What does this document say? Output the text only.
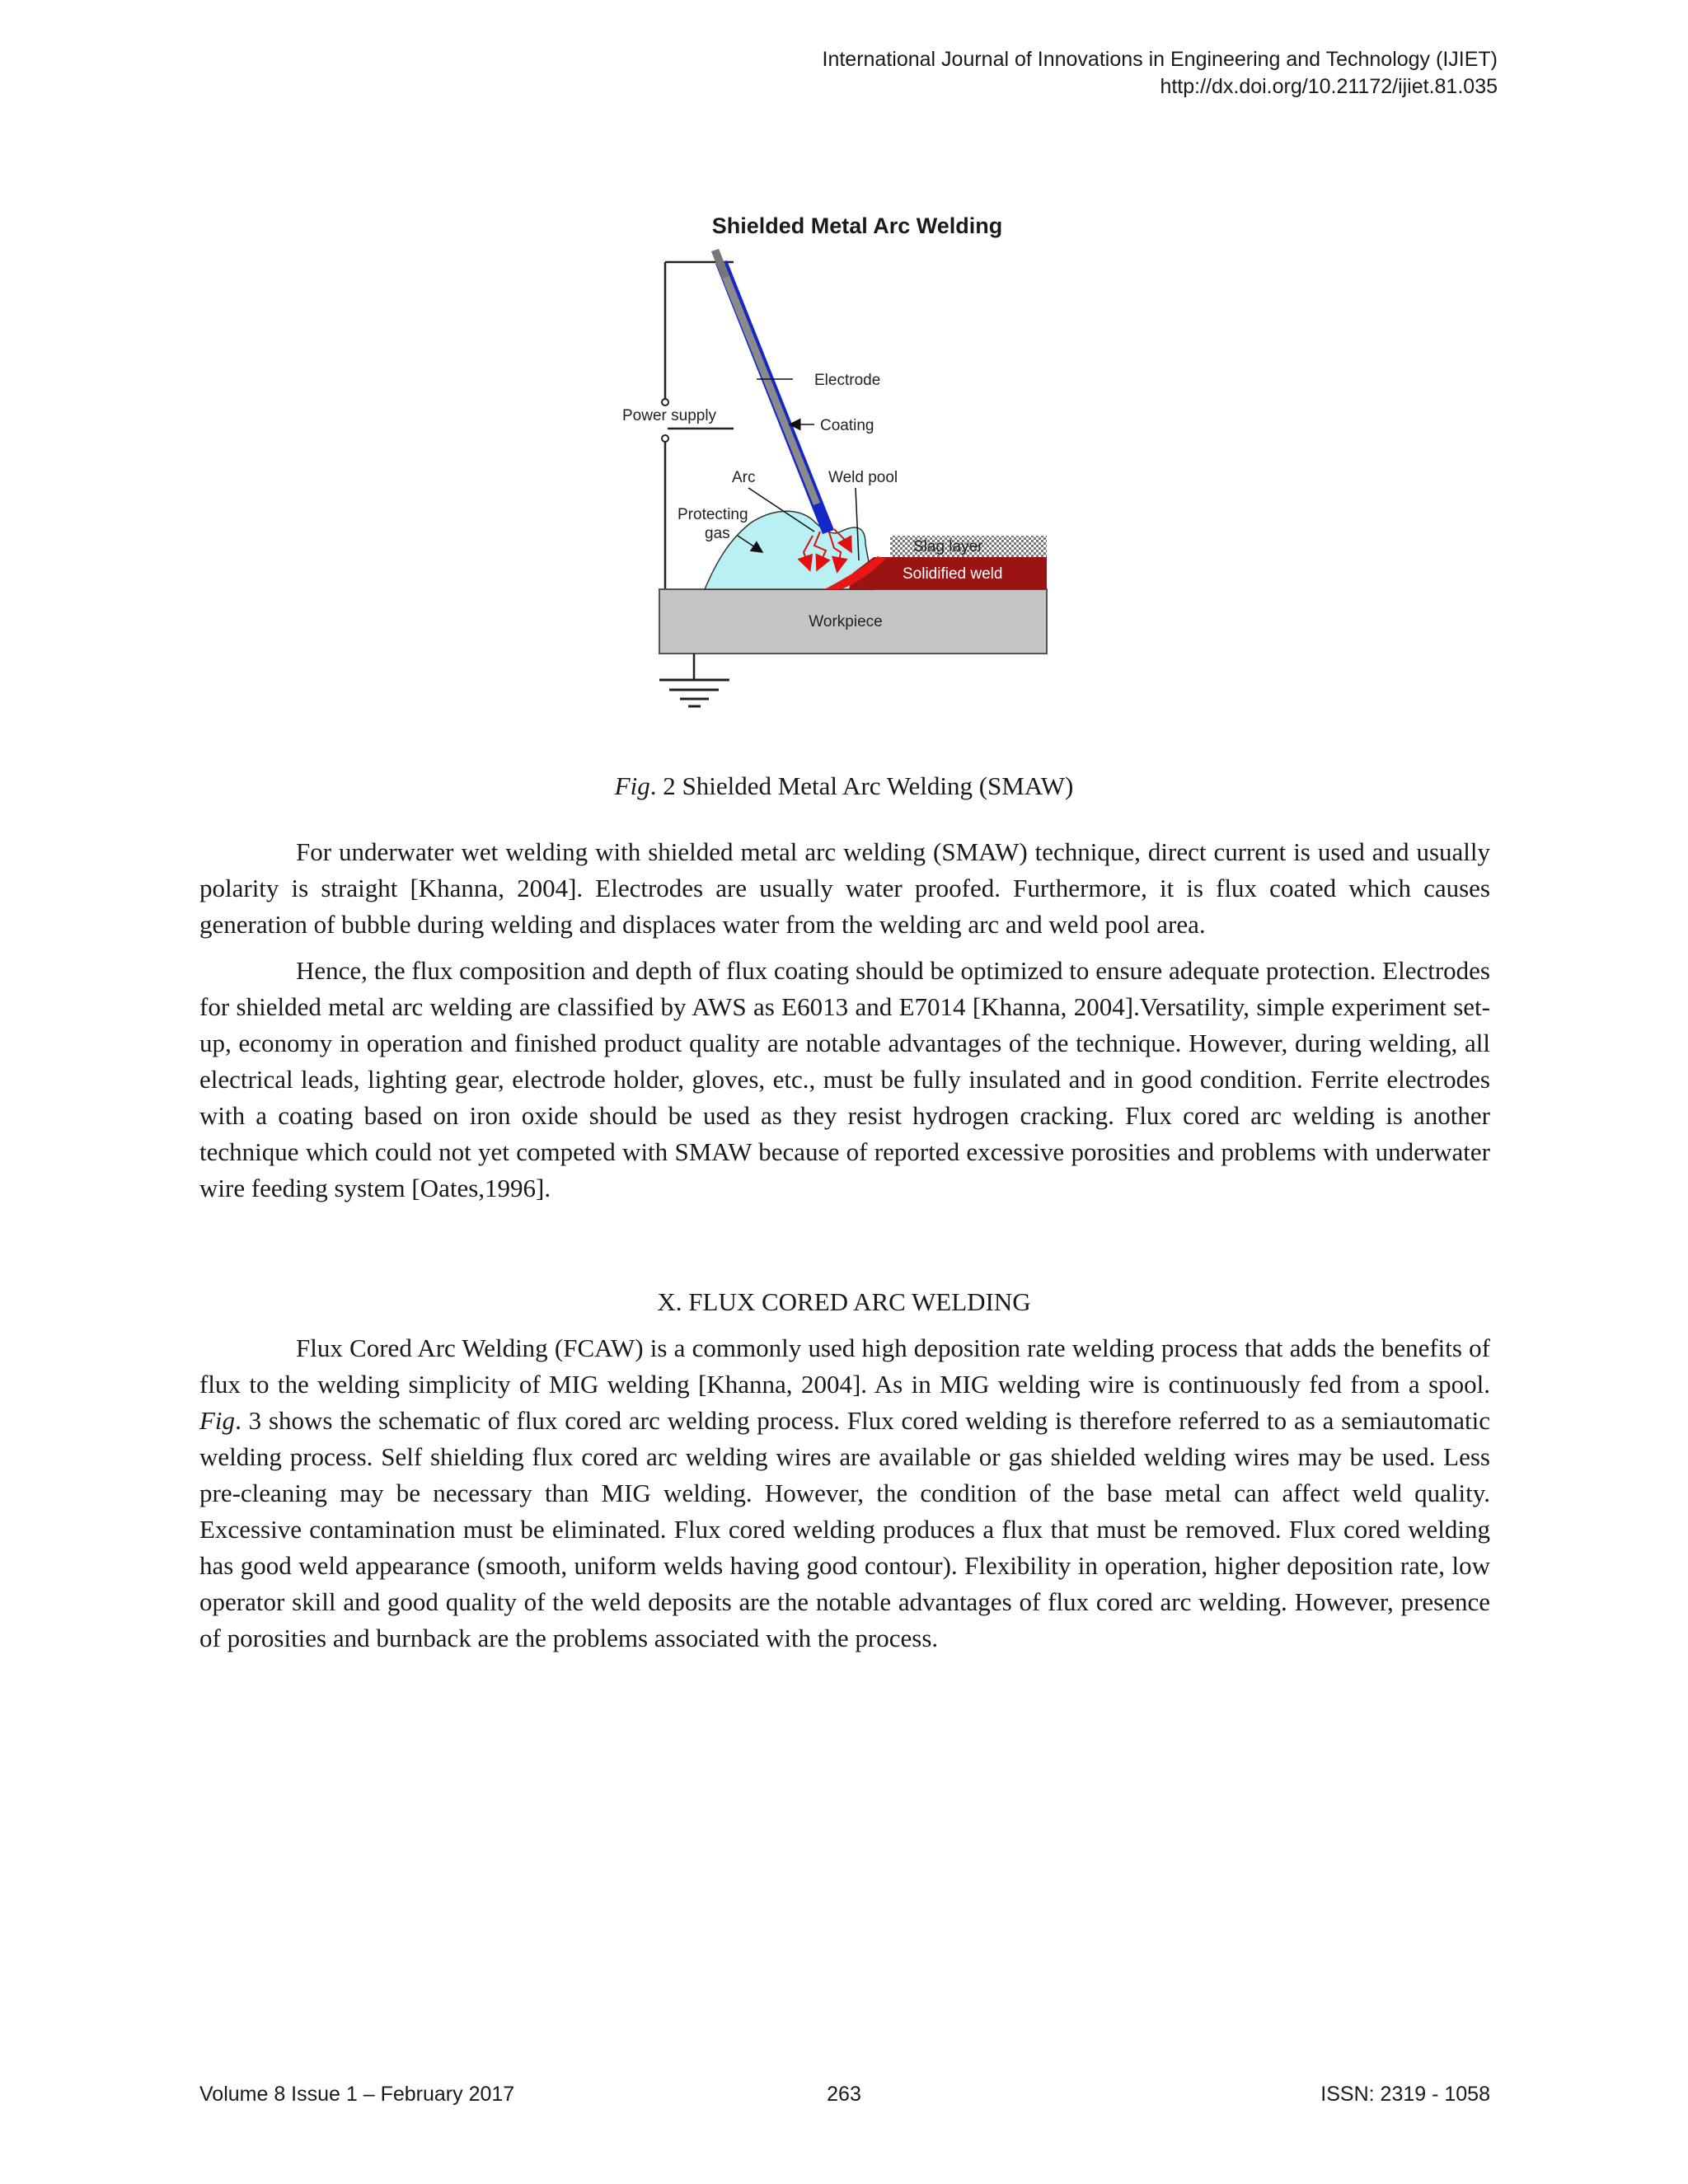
International Journal of Innovations in Engineering and Technology (IJIET)
http://dx.doi.org/10.21172/ijiet.81.035
Shielded Metal Arc Welding
Workpiece
Slag layer
Solidified weld
Electrode
Power supply
Coating
Arc	Weld pool
Protecting
gas
Fig. 2 Shielded Metal Arc Welding (SMAW)

For underwater wet welding with shielded metal arc welding (SMAW) technique, direct current is used and usually polarity is straight [Khanna, 2004]. Electrodes are usually water proofed. Furthermore, it is flux coated which causes generation of bubble during welding and displaces water from the welding arc and weld pool area.

Hence, the flux composition and depth of flux coating should be optimized to ensure adequate protection. Electrodes for shielded metal arc welding are classified by AWS as E6013 and E7014 [Khanna, 2004].Versatility, simple experiment set-up, economy in operation and finished product quality are notable advantages of the technique. However, during welding, all electrical leads, lighting gear, electrode holder, gloves, etc., must be fully insulated and in good condition. Ferrite electrodes with a coating based on iron oxide should be used as they resist hydrogen cracking. Flux cored arc welding is another technique which could not yet competed with SMAW because of reported excessive porosities and problems with underwater wire feeding system [Oates,1996].

X. FLUX CORED ARC WELDING

Flux Cored Arc Welding (FCAW) is a commonly used high deposition rate welding process that adds the benefits of flux to the welding simplicity of MIG welding [Khanna, 2004]. As in MIG welding wire is continuously fed from a spool. Fig. 3 shows the schematic of flux cored arc welding process. Flux cored welding is therefore referred to as a semiautomatic welding process. Self shielding flux cored arc welding wires are available or gas shielded welding wires may be used. Less pre-cleaning may be necessary than MIG welding. However, the condition of the base metal can affect weld quality. Excessive contamination must be eliminated. Flux cored welding produces a flux that must be removed. Flux cored welding has good weld appearance (smooth, uniform welds having good contour). Flexibility in operation, higher deposition rate, low operator skill and good quality of the weld deposits are the notable advantages of flux cored arc welding. However, presence of porosities and burnback are the problems associated with the process.

Volume 8 Issue 1 – February 2017	263	ISSN: 2319 - 1058
